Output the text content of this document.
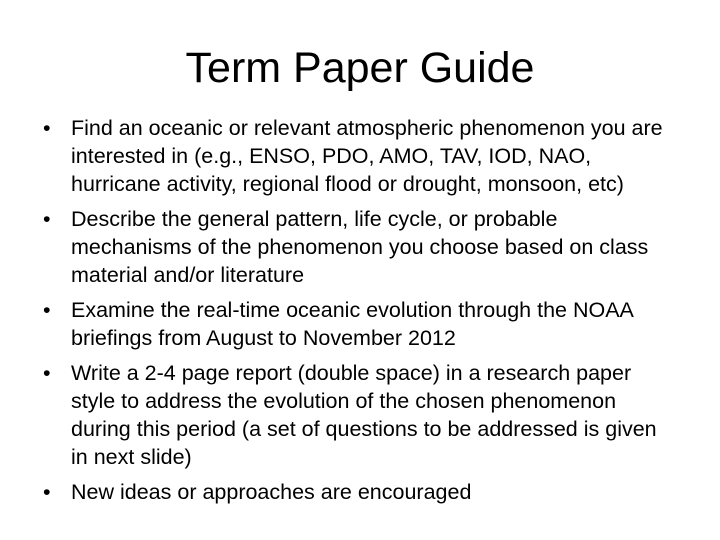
Term Paper Guide
• Find an oceanic or relevant atmospheric phenomenon you are interested in (e.g., ENSO, PDO, AMO, TAV, IOD, NAO, hurricane activity, regional flood or drought, monsoon, etc)
• Describe the general pattern, life cycle, or probable mechanisms of the phenomenon you choose based on class material and/or literature
• Examine the real-time oceanic evolution through the NOAA briefings from August to November 2012
• Write a 2-4 page report (double space) in a research paper style to address the evolution of the chosen phenomenon during this period (a set of questions to be addressed is given in next slide)
• New ideas or approaches are encouraged
